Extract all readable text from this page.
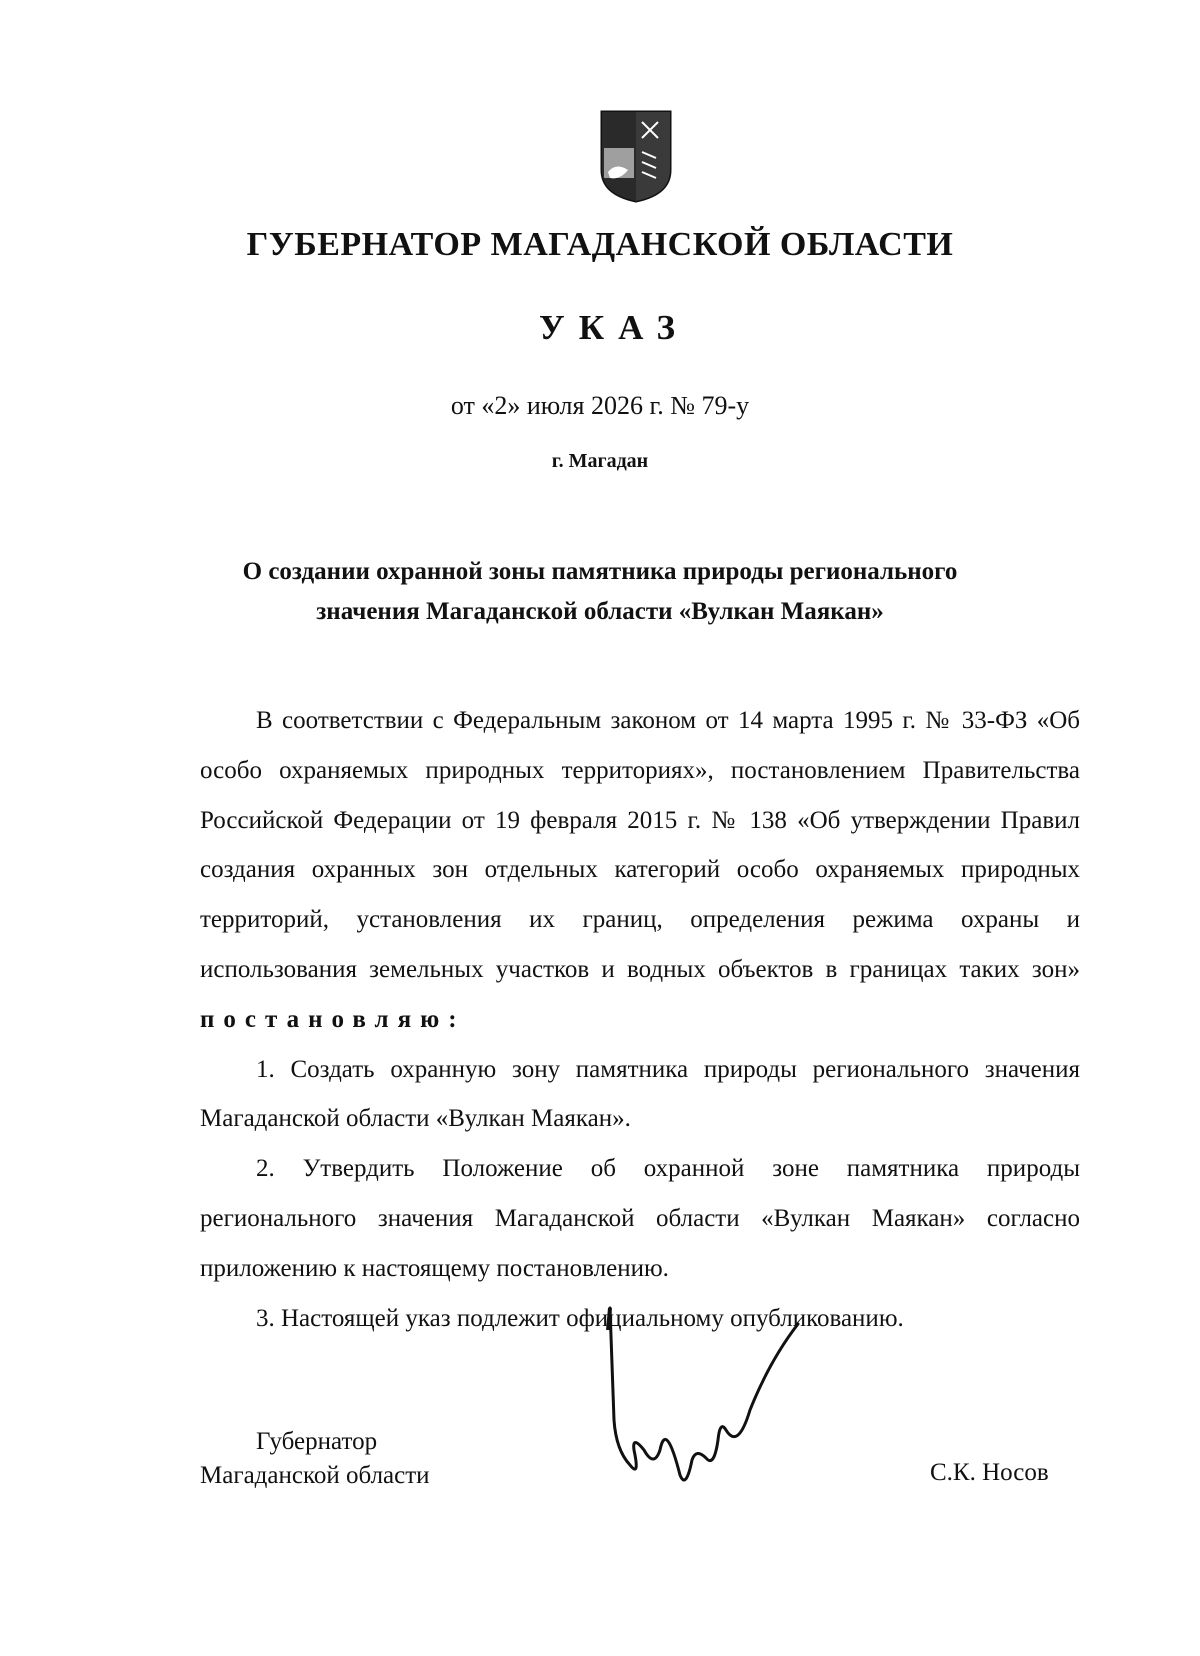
ГУБЕРНАТОР МАГАДАНСКОЙ ОБЛАСТИ
УКАЗ
от «2» июля 2026 г. № 79-у
г. Магадан
О создании охранной зоны памятника природы регионального
значения Магаданской области «Вулкан Маякан»

В соответствии с Федеральным законом от 14 марта 1995 г. № 33-ФЗ «Об особо охраняемых природных территориях», постановлением Правительства Российской Федерации от 19 февраля 2015 г. № 138 «Об утверждении Правил создания охранных зон отдельных категорий особо охраняемых природных территорий, установления их границ, определения режима охраны и использования земельных участков и водных объектов в границах таких зон» постановляю:

1. Создать охранную зону памятника природы регионального значения Магаданской области «Вулкан Маякан».

2. Утвердить Положение об охранной зоне памятника природы регионального значения Магаданской области «Вулкан Маякан» согласно приложению к настоящему постановлению.

3. Настоящей указ подлежит официальному опубликованию.

Губернатор
Магаданской области	С.К. Носов
